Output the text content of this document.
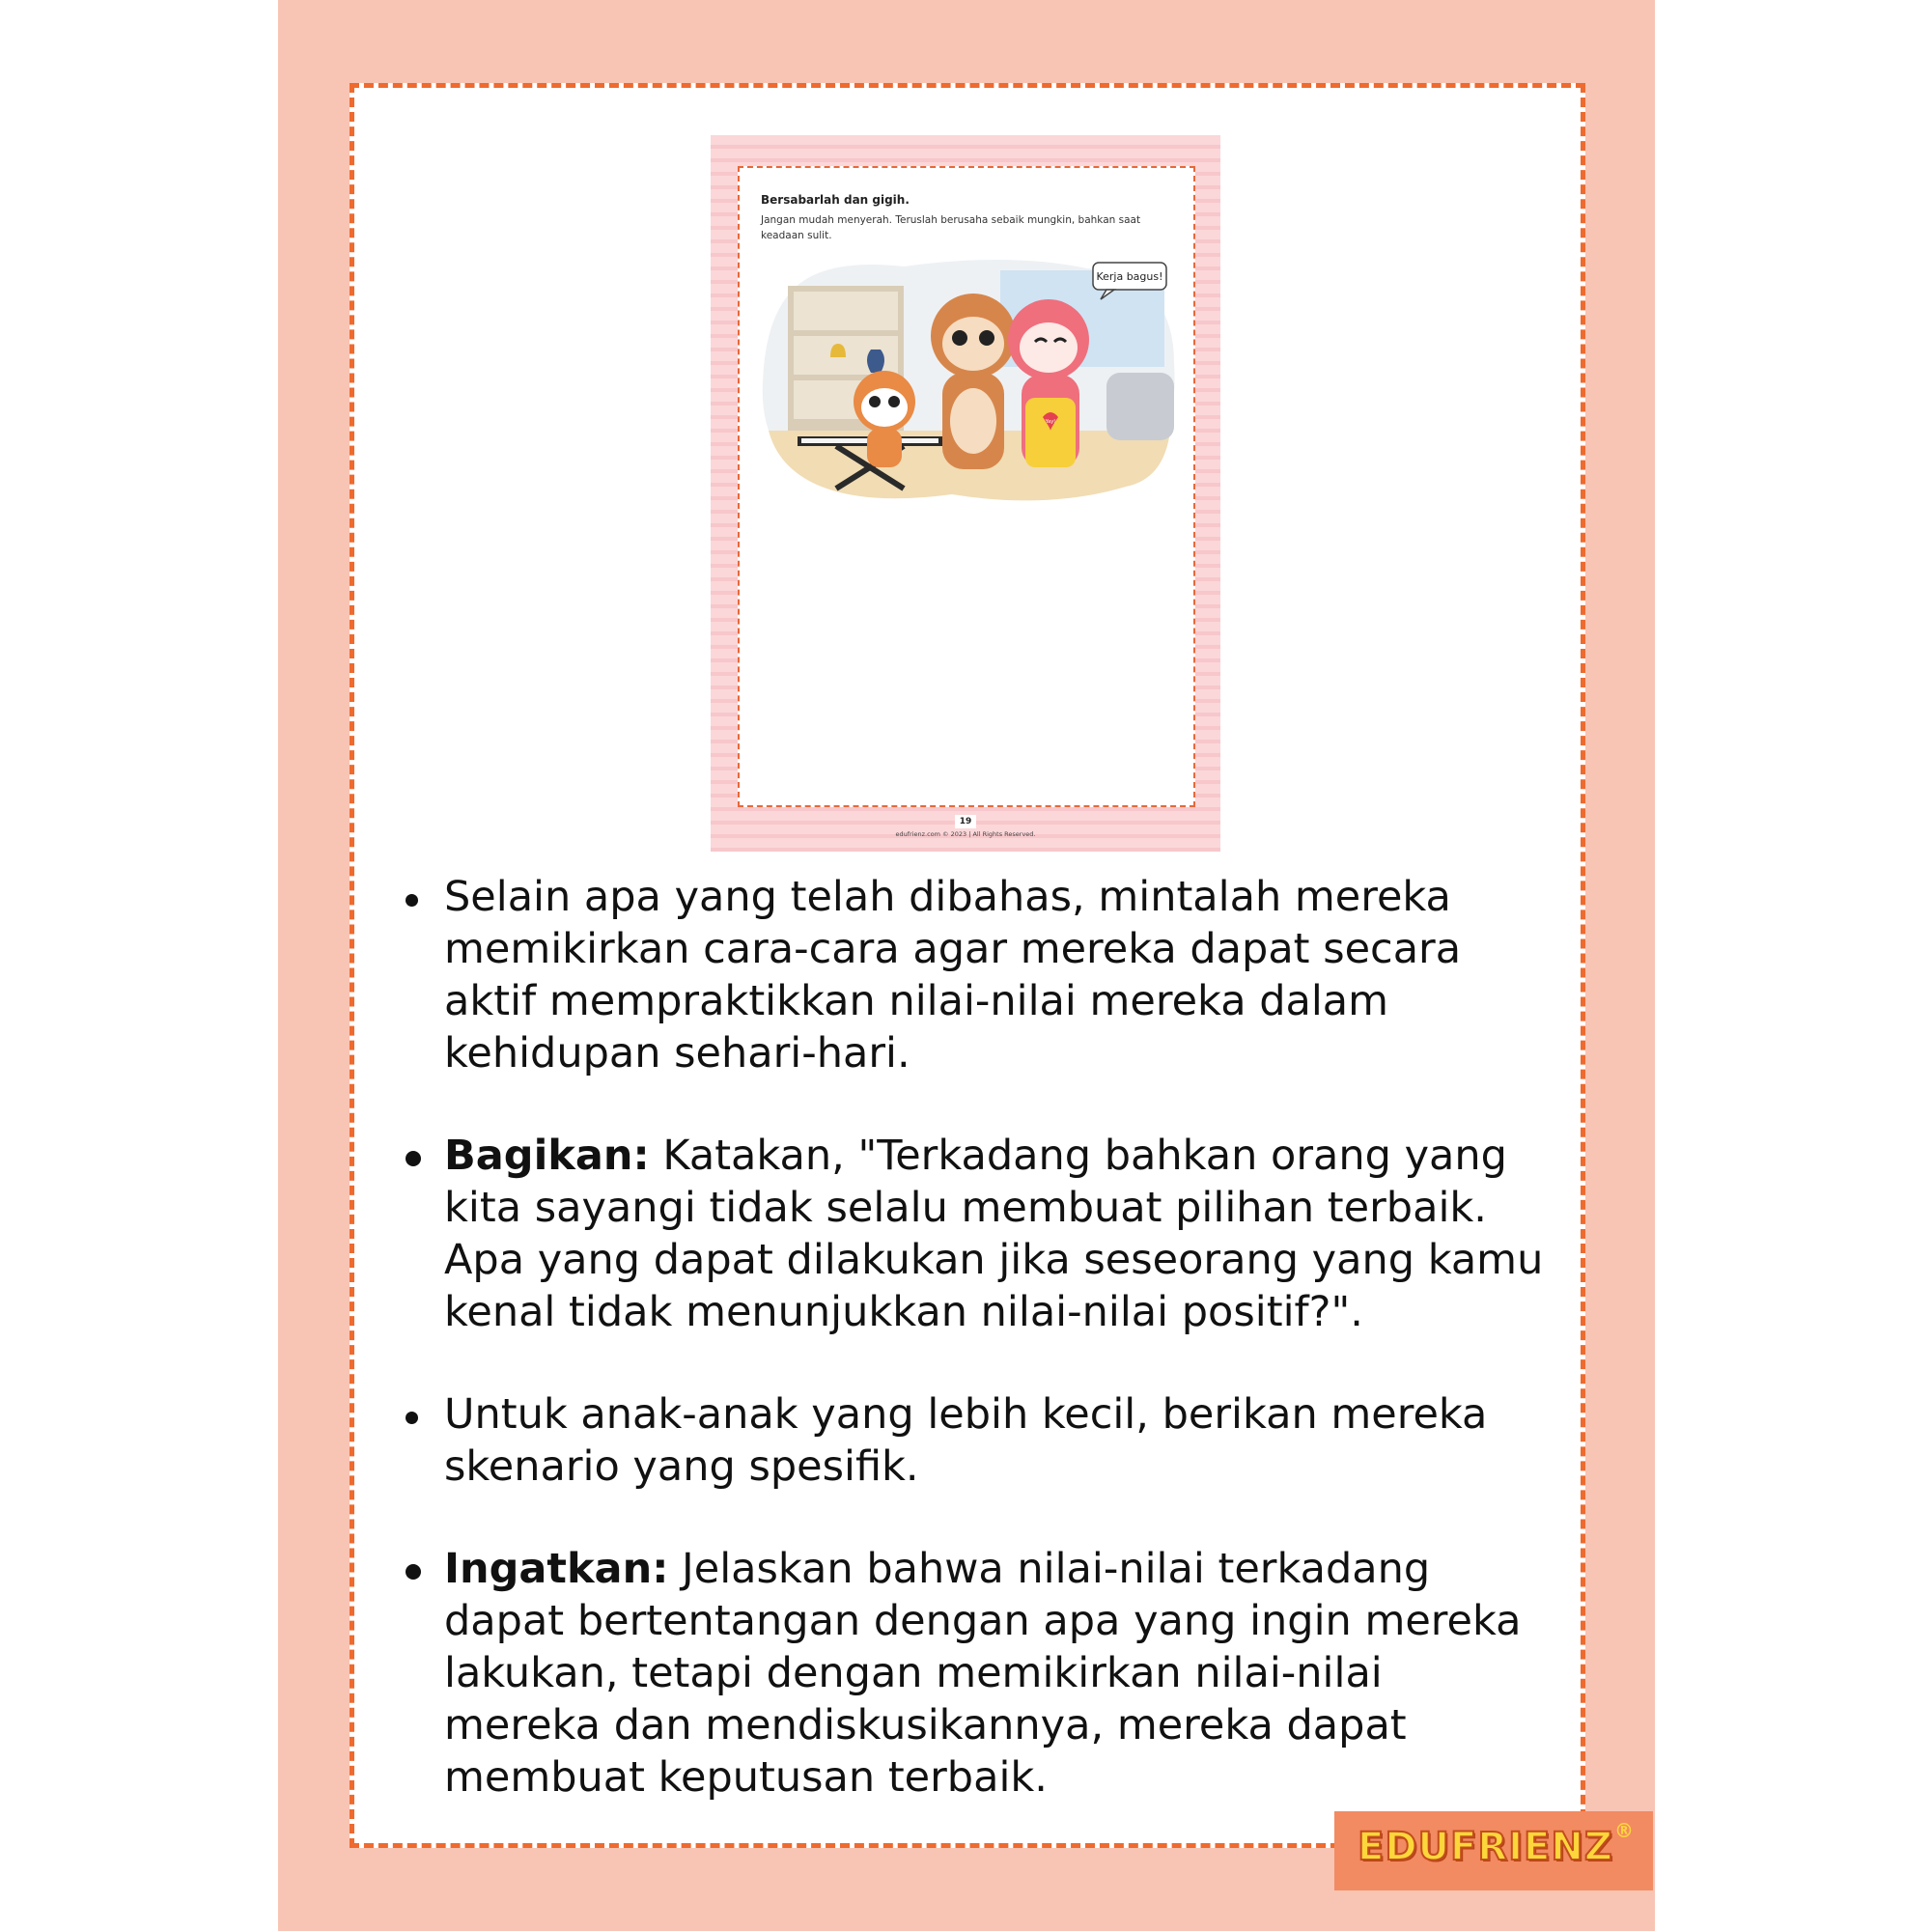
Bersabarlah dan gigih.
Jangan mudah menyerah. Teruslah berusaha sebaik mungkin, bahkan saat keadaan sulit.
Yay!
Kerja bagus!
19
edufrienz.com © 2023 | All Rights Reserved.
Selain apa yang telah dibahas, mintalah mereka memikirkan cara-cara agar mereka dapat secara aktif mempraktikkan nilai-nilai mereka dalam kehidupan sehari-hari.
Bagikan: Katakan, "Terkadang bahkan orang yang kita sayangi tidak selalu membuat pilihan terbaik. Apa yang dapat dilakukan jika seseorang yang kamu kenal tidak menunjukkan nilai-nilai positif?".
Untuk anak-anak yang lebih kecil, berikan mereka skenario yang spesifik.
Ingatkan: Jelaskan bahwa nilai-nilai terkadang dapat bertentangan dengan apa yang ingin mereka lakukan, tetapi dengan memikirkan nilai-nilai mereka dan mendiskusikannya, mereka dapat membuat keputusan terbaik.
EDUFRIENZ ®
